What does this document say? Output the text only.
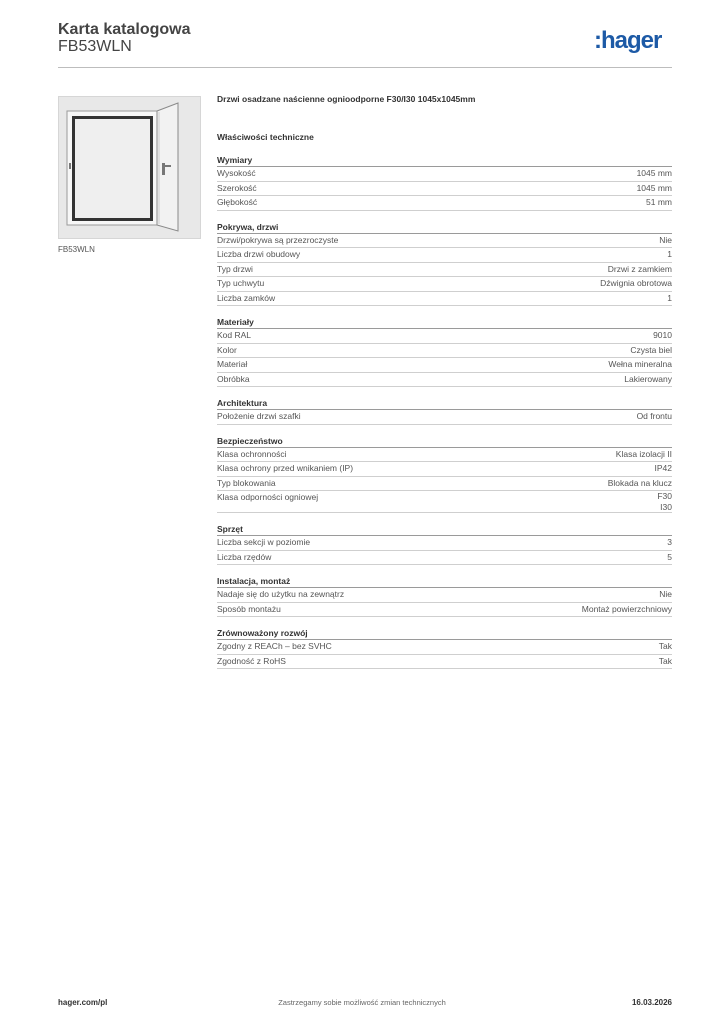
Karta katalogowa
FB53WLN	:hager
FB53WLN
Drzwi osadzane naścienne ognioodporne F30/I30 1045x1045mm
Właściwości techniczne
Wymiary
Wysokość	1045 mm
Szerokość	1045 mm
Głębokość	51 mm
Pokrywa, drzwi
Drzwi/pokrywa są przezroczyste	Nie
Liczba drzwi obudowy	1
Typ drzwi	Drzwi z zamkiem
Typ uchwytu	Dźwignia obrotowa
Liczba zamków	1
Materiały
Kod RAL	9010
Kolor	Czysta biel
Materiał	Wełna mineralna
Obróbka	Lakierowany
Architektura
Położenie drzwi szafki	Od frontu
Bezpieczeństwo
Klasa ochronności	Klasa izolacji II
Klasa ochrony przed wnikaniem (IP)	IP42
Typ blokowania	Blokada na klucz
Klasa odporności ogniowej	F30
I30
Sprzęt
Liczba sekcji w poziomie	3
Liczba rzędów	5
Instalacja, montaż
Nadaje się do użytku na zewnątrz	Nie
Sposób montażu	Montaż powierzchniowy
Zrównoważony rozwój
Zgodny z REACh – bez SVHC	Tak
Zgodność z RoHS	Tak
hager.com/pl	Zastrzegamy sobie możliwość zmian technicznych	16.03.2026
